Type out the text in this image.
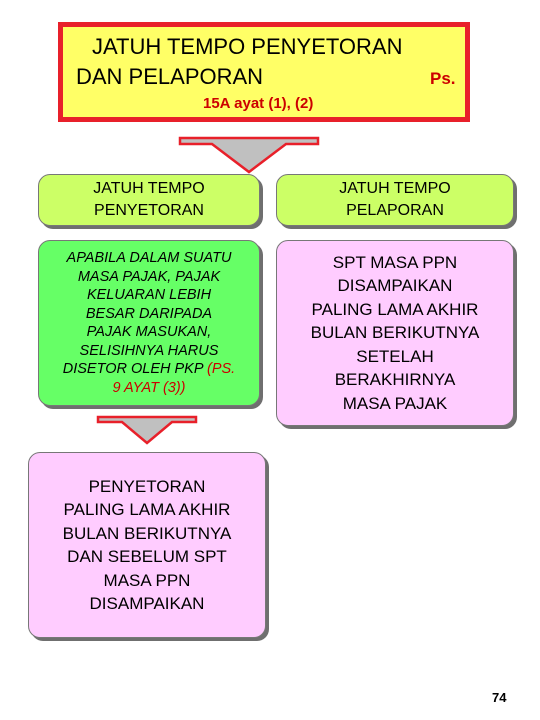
JATUH TEMPO PENYETORAN
DAN PELAPORAN	Ps.
15A ayat (1), (2)
JATUH TEMPO
PENYETORAN
JATUH TEMPO
PELAPORAN
APABILA DALAM SUATU
MASA PAJAK, PAJAK
KELUARAN LEBIH
BESAR DARIPADA
PAJAK MASUKAN,
SELISIHNYA HARUS
DISETOR OLEH PKP (PS.
9 AYAT (3))
SPT MASA PPN
DISAMPAIKAN
PALING LAMA AKHIR
BULAN BERIKUTNYA
SETELAH
BERAKHIRNYA
MASA PAJAK
PENYETORAN
PALING LAMA AKHIR
BULAN BERIKUTNYA
DAN SEBELUM SPT
MASA PPN
DISAMPAIKAN
74
